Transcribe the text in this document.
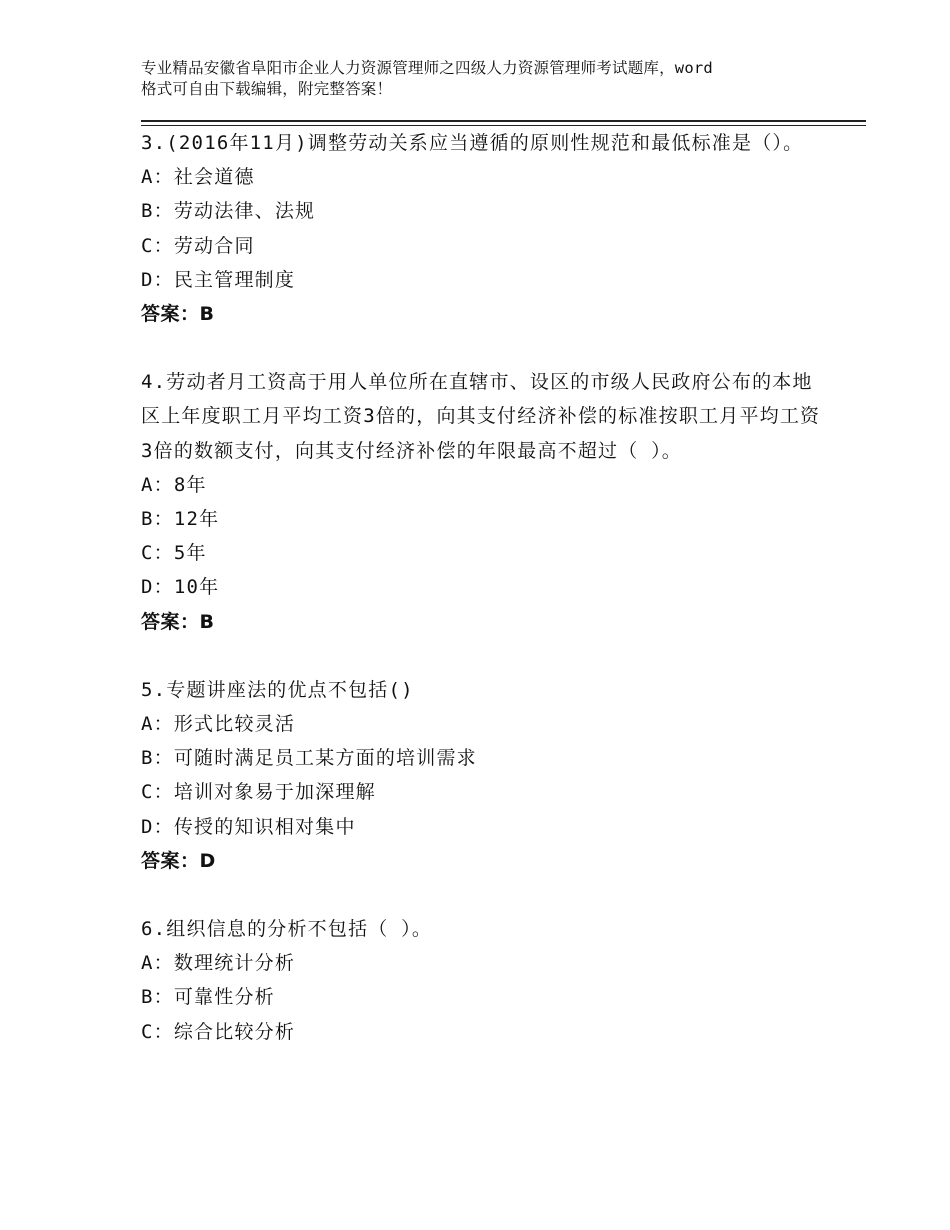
专业精品安徽省阜阳市企业人力资源管理师之四级人力资源管理师考试题库，word
格式可自由下载编辑，附完整答案！
3.(2016年11月)调整劳动关系应当遵循的原则性规范和最低标准是（）。
A：社会道德
B：劳动法律、法规
C：劳动合同
D：民主管理制度
答案：B
4.劳动者月工资高于用人单位所在直辖市、设区的市级人民政府公布的本地区上年度职工月平均工资3倍的，向其支付经济补偿的标准按职工月平均工资3倍的数额支付，向其支付经济补偿的年限最高不超过（ ）。
A：8年
B：12年
C：5年
D：10年
答案：B
5.专题讲座法的优点不包括()
A：形式比较灵活
B：可随时满足员工某方面的培训需求
C：培训对象易于加深理解
D：传授的知识相对集中
答案：D
6.组织信息的分析不包括（ ）。
A：数理统计分析
B：可靠性分析
C：综合比较分析
